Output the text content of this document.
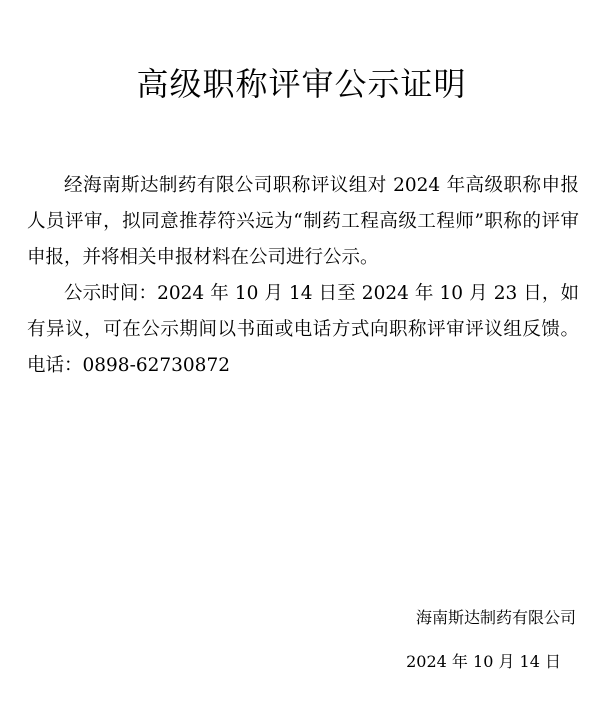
高级职称评审公示证明

经海南斯达制药有限公司职称评议组对 2024 年高级职称申报人员评审，拟同意推荐符兴远为“制药工程高级工程师”职称的评审申报，并将相关申报材料在公司进行公示。

公示时间：2024 年 10 月 14 日至 2024 年 10 月 23 日，如有异议，可在公示期间以书面或电话方式向职称评审评议组反馈。电话：0898-62730872

海南斯达制药有限公司
2024 年 10 月 14 日
